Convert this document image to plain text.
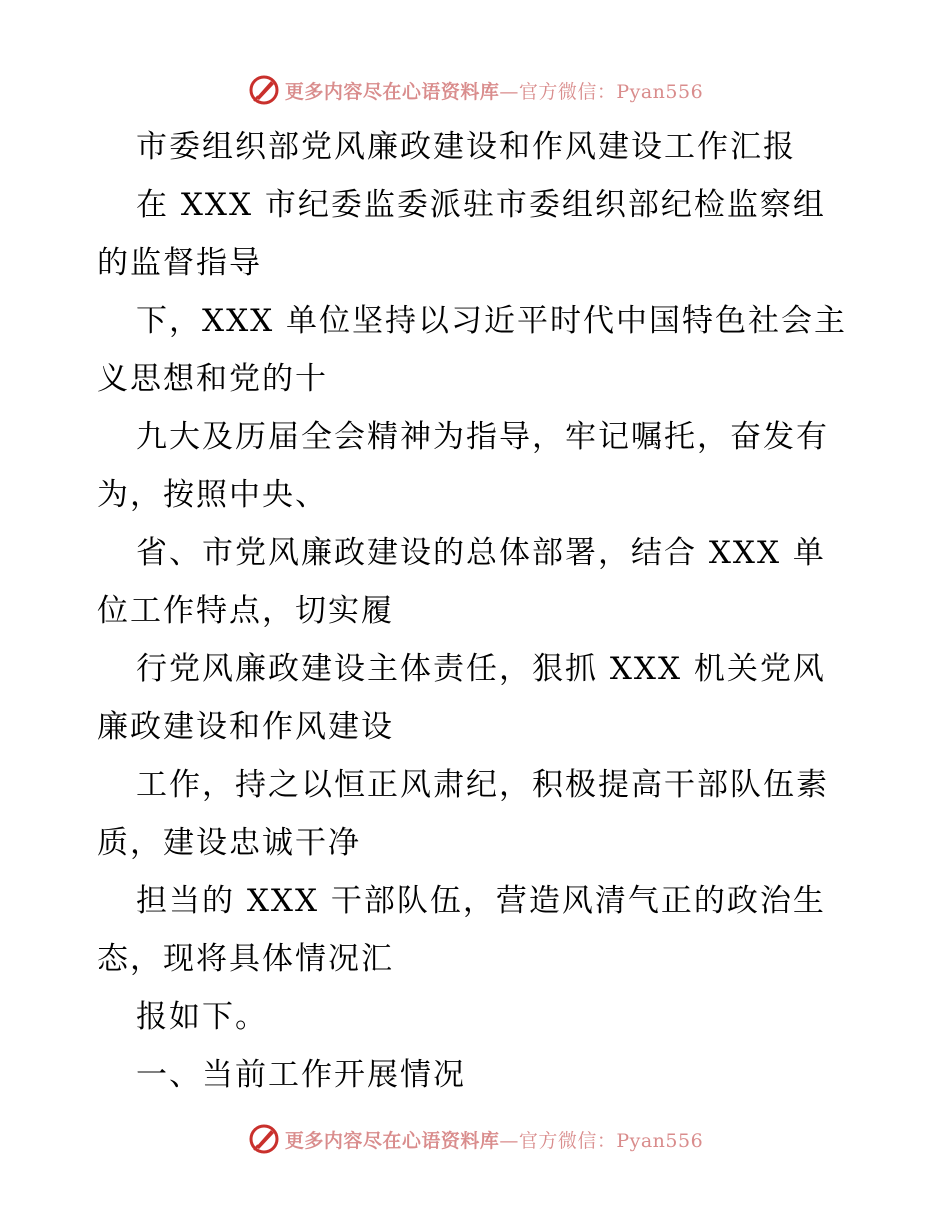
更多内容尽在心语资料库—官方微信：Pyan556
市委组织部党风廉政建设和作风建设工作汇报
在 XXX 市纪委监委派驻市委组织部纪检监察组
的监督指导
下，XXX 单位坚持以习近平时代中国特色社会主
义思想和党的十
九大及历届全会精神为指导，牢记嘱托，奋发有
为，按照中央、
省、市党风廉政建设的总体部署，结合 XXX 单
位工作特点，切实履
行党风廉政建设主体责任，狠抓 XXX 机关党风
廉政建设和作风建设
工作，持之以恒正风肃纪，积极提高干部队伍素
质，建设忠诚干净
担当的 XXX 干部队伍，营造风清气正的政治生
态，现将具体情况汇
报如下。
一、当前工作开展情况
更多内容尽在心语资料库—官方微信：Pyan556
